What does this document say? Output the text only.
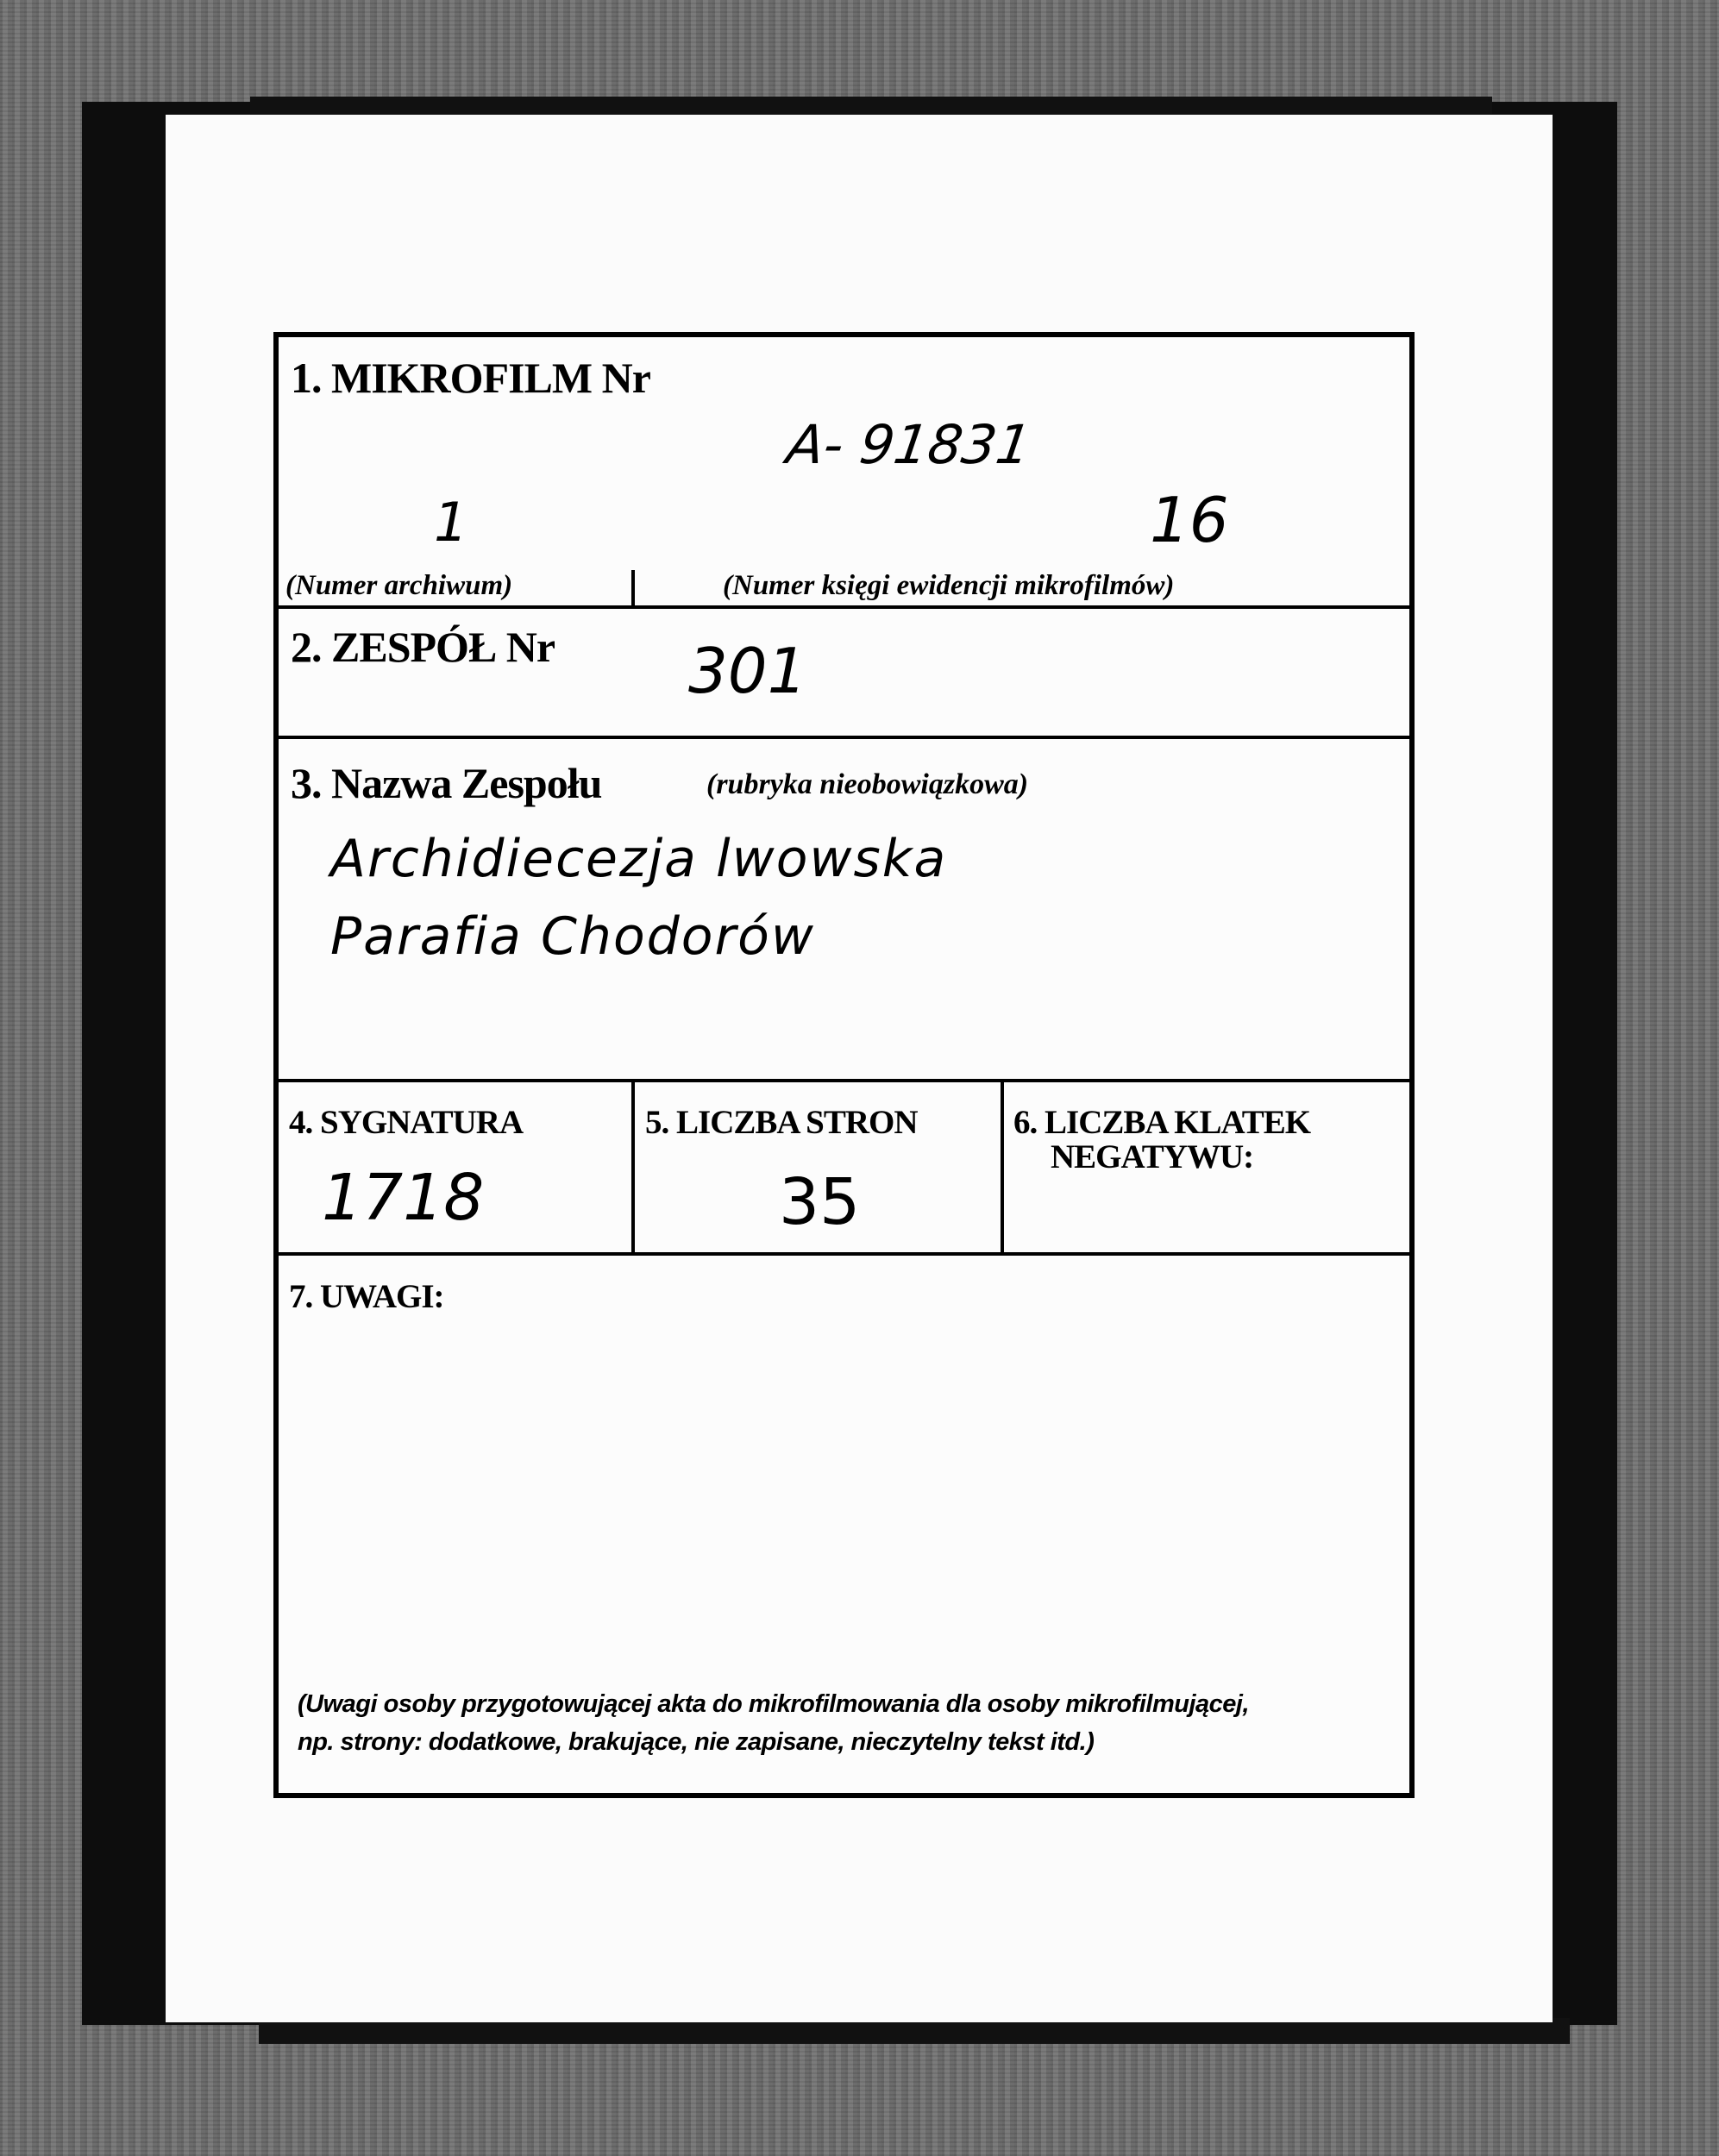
1. MIKROFILM Nr
A- 91831
1	16
(Numer archiwum)	(Numer księgi ewidencji mikrofilmów)
2. ZESPÓŁ Nr 301
3. Nazwa Zespołu	(rubryka nieobowiązkowa)
Archidiecezja lwowska
Parafia Chodorów
4. SYGNATURA
1718
5. LICZBA STRON
35
6. LICZBA KLATEK
NEGATYWU:
7. UWAGI:
(Uwagi osoby przygotowującej akta do mikrofilmowania dla osoby mikrofilmującej,
np. strony: dodatkowe, brakujące, nie zapisane, nieczytelny tekst itd.)
